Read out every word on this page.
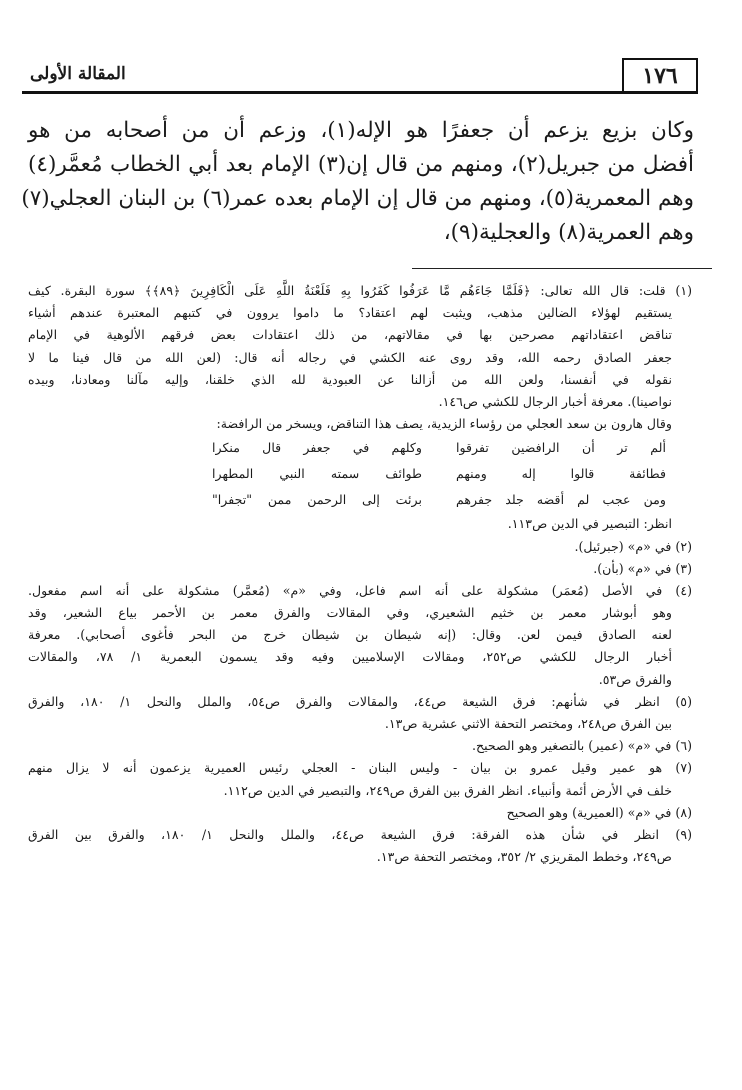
١٧٦
المقالة الأولى
وكان بزيع يزعم أن جعفرًا هو الإله(١)، وزعم أن من أصحابه من هو
أفضل من جبريل(٢)، ومنهم من قال إن(٣) الإمام بعد أبي الخطاب مُعمَّر(٤)
وهم المعمرية(٥)، ومنهم من قال إن الإمام بعده عمر(٦) بن البنان العجلي(٧)
وهم العمرية(٨) والعجلية(٩)،
(١) قلت: قال الله تعالى: ﴿فَلَمَّا جَاءَهُم مَّا عَرَفُوا كَفَرُوا بِهِ فَلَعْنَةُ اللَّهِ عَلَى الْكَافِرِينَ ﴿٨٩﴾﴾ سورة البقرة. كيف
يستقيم لهؤلاء الضالين مذهب، ويثبت لهم اعتقاد؟ ما داموا يروون في كتبهم المعتبرة عندهم أشياء
تناقض اعتقاداتهم مصرحين بها في مقالاتهم، من ذلك اعتقادات بعض فرقهم الألوهية في الإمام
جعفر الصادق رحمه الله، وقد روى عنه الكشي في رجاله أنه قال: (لعن الله من قال فينا ما لا
نقوله في أنفسنا، ولعن الله من أزالنا عن العبودية لله الذي خلقنا، وإليه مآلنا ومعادنا، وبيده
نواصينا). معرفة أخبار الرجال للكشي ص١٤٦.
وقال هارون بن سعد العجلي من رؤساء الزيدية، يصف هذا التناقض، ويسخر من الرافضة:
ألم تر أن الرافضين تفرقوا
وكلهم في جعفر قال منكرا
فطائفة قالوا إله ومنهم
طوائف سمته النبي المطهرا
ومن عجب لم أقضه جلد جفرهم
برئت إلى الرحمن ممن "تجفرا"
انظر: التبصير في الدين ص١١٣.
(٢) في «م» (جبرئيل).
(٣) في «م» (بأن).
(٤) في الأصل (مُعمَر) مشكولة على أنه اسم فاعل، وفي «م» (مُعمَّر) مشكولة على أنه اسم مفعول.
وهو أبوشار معمر بن خثيم الشعيري، وفي المقالات والفرق معمر بن الأحمر بياع الشعير، وقد
لعنه الصادق فيمن لعن. وقال: (إنه شيطان بن شيطان خرج من البحر فأغوى أصحابي). معرفة
أخبار الرجال للكشي ص٢٥٢، ومقالات الإسلاميين وفيه وقد يسمون البعمرية ١/ ٧٨، والمقالات
والفرق ص٥٣.
(٥) انظر في شأنهم: فرق الشيعة ص٤٤، والمقالات والفرق ص٥٤، والملل والنحل ١/ ١٨٠، والفرق
بين الفرق ص٢٤٨، ومختصر التحفة الاثني عشرية ص١٣.
(٦) في «م» (عمير) بالتصغير وهو الصحيح.
(٧) هو عمير وقيل عمرو بن بيان - وليس البنان - العجلي رئيس العميرية يزعمون أنه لا يزال منهم
خلف في الأرض أئمة وأنبياء. انظر الفرق بين الفرق ص٢٤٩، والتبصير في الدين ص١١٢.
(٨) في «م» (العميرية) وهو الصحيح
(٩) انظر في شأن هذه الفرقة: فرق الشيعة ص٤٤، والملل والنحل ١/ ١٨٠، والفرق بين الفرق
ص٢٤٩، وخطط المقريزي ٢/ ٣٥٢، ومختصر التحفة ص١٣.
